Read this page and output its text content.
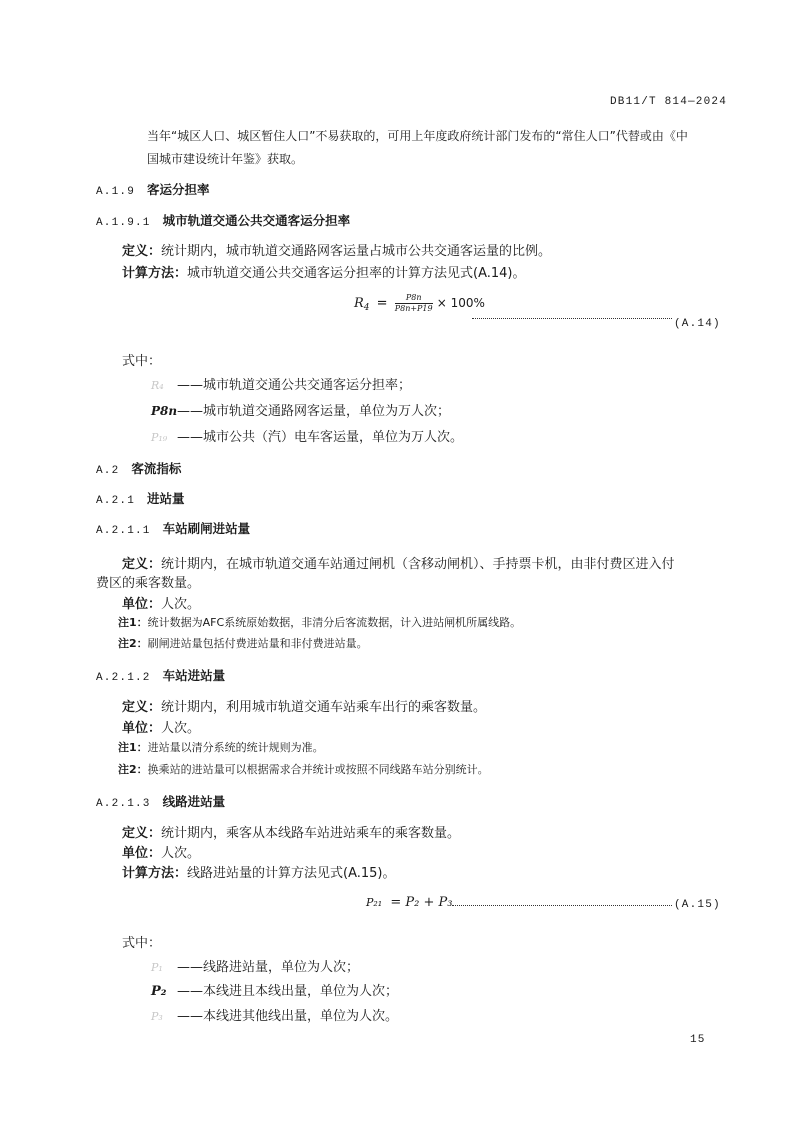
DB11/T 814—2024
当年“城区人口、城区暂住人口”不易获取的，可用上年度政府统计部门发布的“常住人口”代替或由《中
国城市建设统计年鉴》获取。
A.1.9 客运分担率
A.1.9.1 城市轨道交通公共交通客运分担率
定义：统计期内，城市轨道交通路网客运量占城市公共交通客运量的比例。
计算方法：城市轨道交通公共交通客运分担率的计算方法见式(A.14)。
$R_4 = \frac{P8n}{P8n+P19} \times 100\%$
(A.14)
式中：
R₄ ——城市轨道交通公共交通客运分担率；
P8n——城市轨道交通路网客运量，单位为万人次；
P₁₉ ——城市公共（汽）电车客运量，单位为万人次。
A.2 客流指标
A.2.1 进站量
A.2.1.1 车站刷闸进站量
定义：统计期内，在城市轨道交通车站通过闸机（含移动闸机）、手持票卡机，由非付费区进入付
费区的乘客数量。
单位：人次。
注1：统计数据为AFC系统原始数据，非清分后客流数据，计入进站闸机所属线路。
注2：刷闸进站量包括付费进站量和非付费进站量。
A.2.1.2 车站进站量
定义：统计期内，利用城市轨道交通车站乘车出行的乘客数量。
单位：人次。
注1：进站量以清分系统的统计规则为准。
注2：换乘站的进站量可以根据需求合并统计或按照不同线路车站分别统计。
A.2.1.3 线路进站量
定义：统计期内，乘客从本线路车站进站乘车的乘客数量。
单位：人次。
计算方法：线路进站量的计算方法见式(A.15)。
P₂₁ = P₂ + P₃	(A.15)
式中：
P₁ ——线路进站量，单位为人次；
P₂ ——本线进且本线出量，单位为人次；
P₃ ——本线进其他线出量，单位为人次。
15
